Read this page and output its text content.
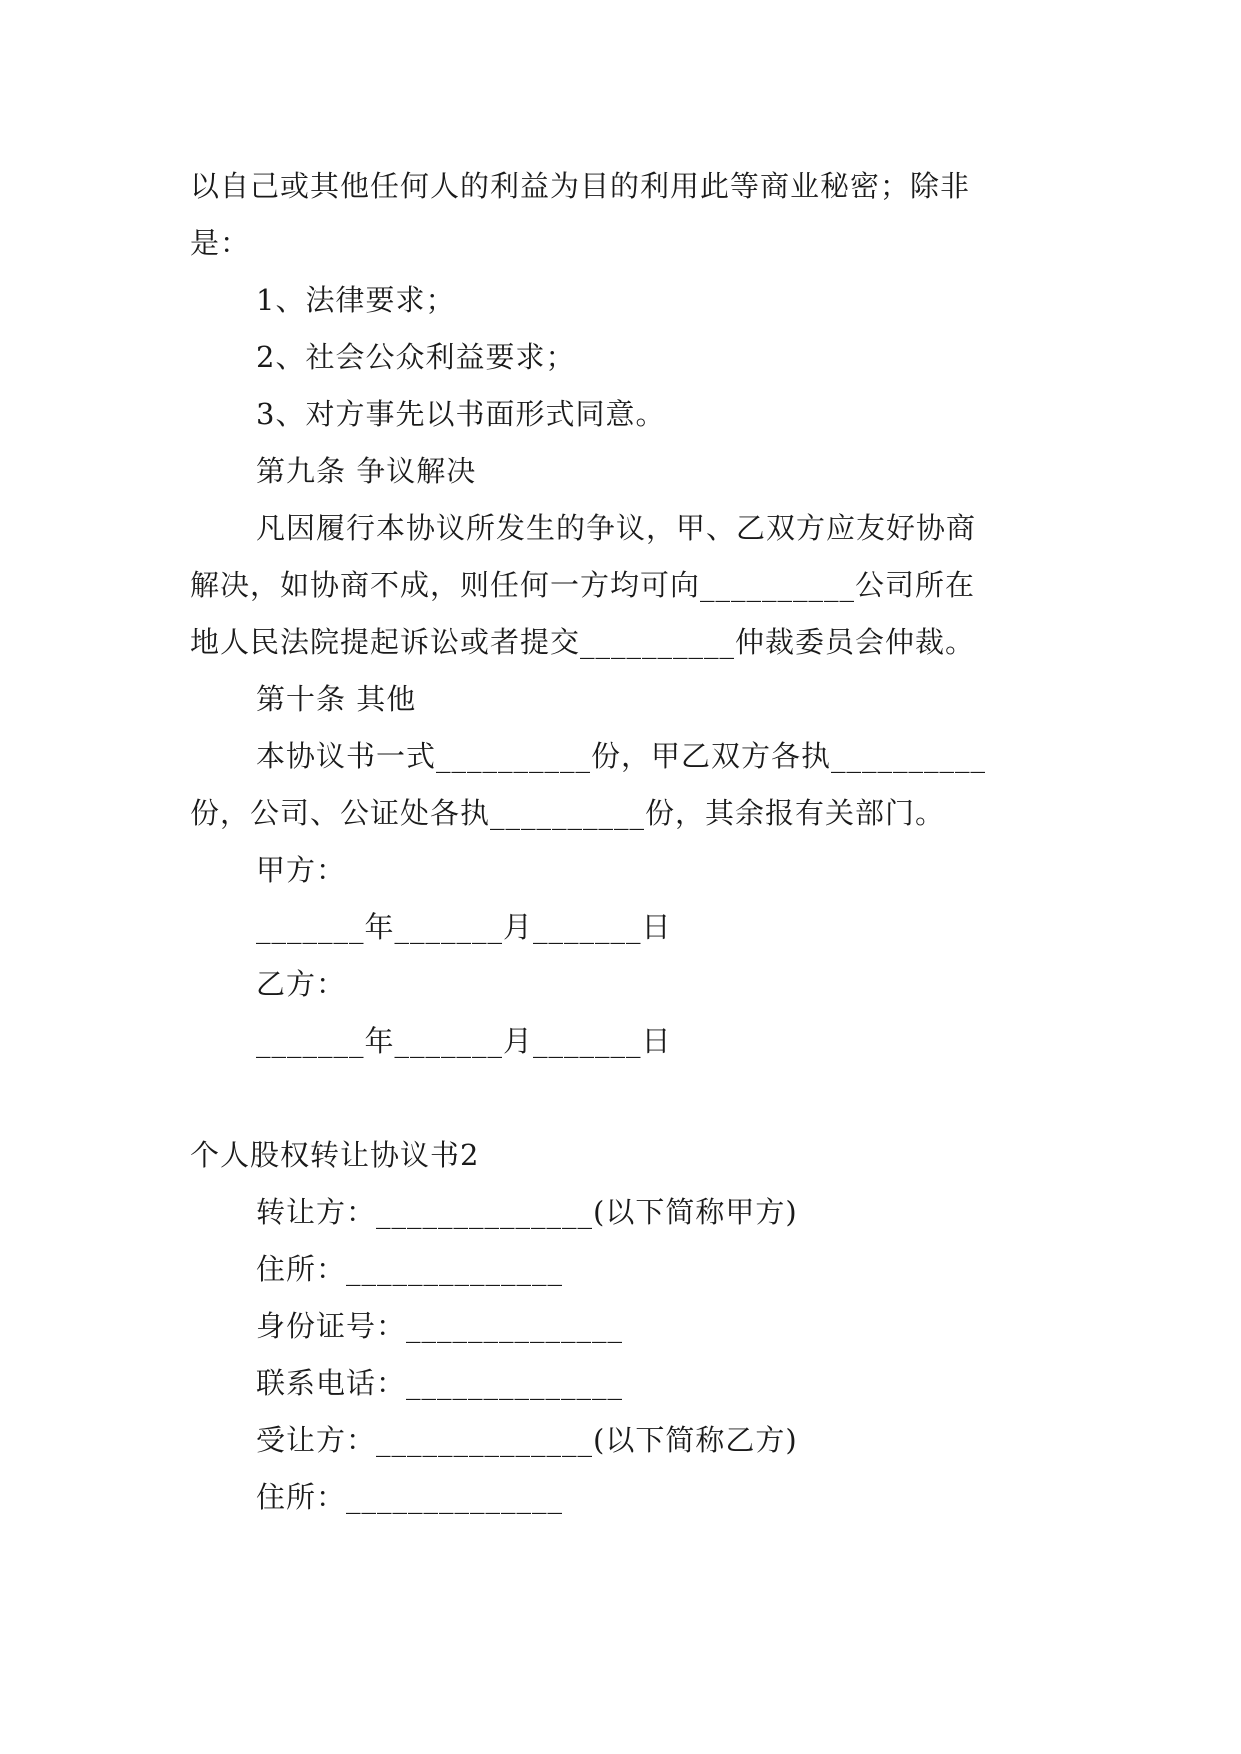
以自己或其他任何人的利益为目的利用此等商业秘密；除非
是：
1、法律要求；
2、社会公众利益要求；
3、对方事先以书面形式同意。
第九条 争议解决
凡因履行本协议所发生的争议，甲、乙双方应友好协商
解决，如协商不成，则任何一方均可向__________公司所在
地人民法院提起诉讼或者提交__________仲裁委员会仲裁。
第十条 其他
本协议书一式__________份，甲乙双方各执__________
份，公司、公证处各执__________份，其余报有关部门。
甲方：
_______年_______月_______日
乙方：
_______年_______月_______日
个人股权转让协议书2
转让方：______________(以下简称甲方)
住所：______________
身份证号：______________
联系电话：______________
受让方：______________(以下简称乙方)
住所：______________
